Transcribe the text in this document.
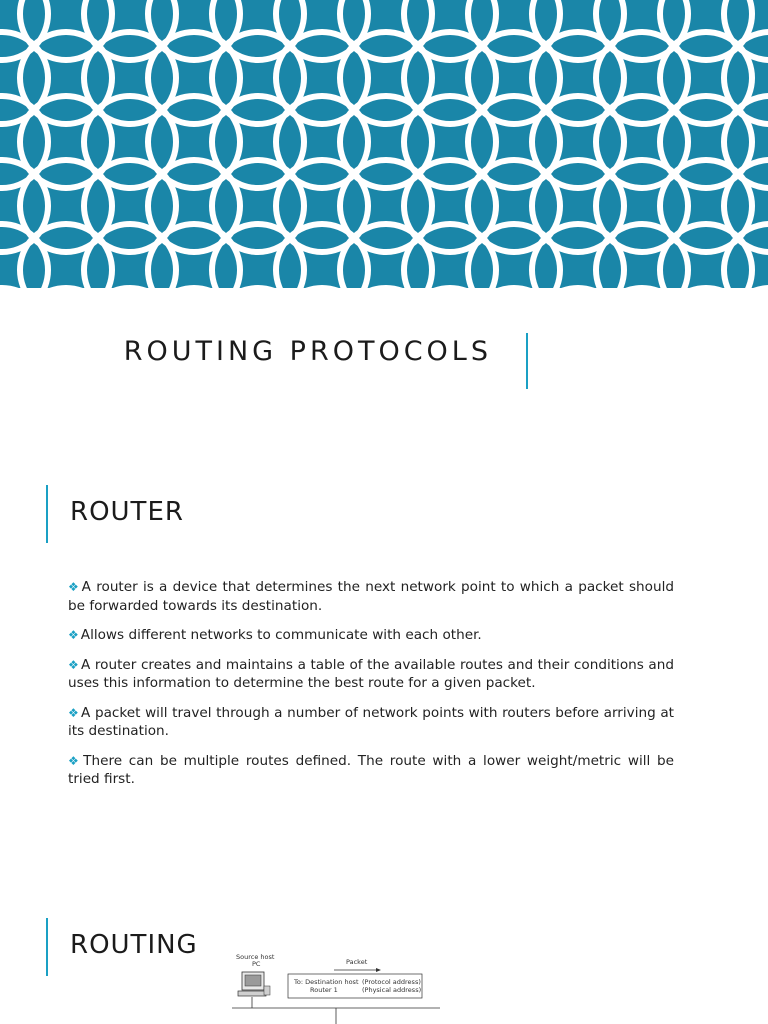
ROUTING PROTOCOLS
ROUTER
❖ A router is a device that determines the next network point to which a packet should be forwarded towards its destination.
❖ Allows different networks to communicate with each other.
❖ A router creates and maintains a table of the available routes and their conditions and uses this information to determine the best route for a given packet.
❖ A packet will travel through a number of network points with routers before arriving at its destination.
❖ There can be multiple routes defined. The route with a lower weight/metric will be tried first.
ROUTING	Source host
PC	Packet
To: Destination host (Protocol address)
Router 1	(Physical address)
